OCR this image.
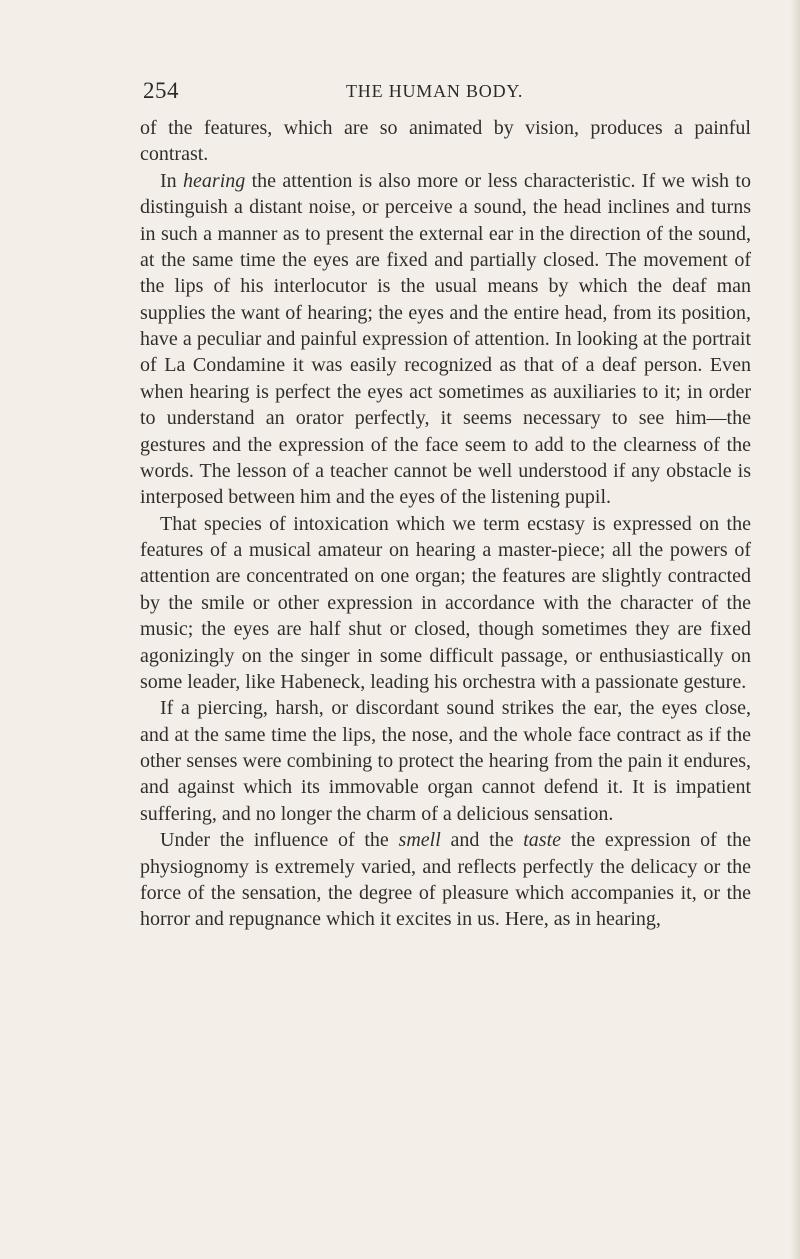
254	THE HUMAN BODY.

of the features, which are so animated by vision, produces a painful contrast.

In hearing the attention is also more or less characteristic. If we wish to distinguish a distant noise, or perceive a sound, the head inclines and turns in such a manner as to present the external ear in the direction of the sound, at the same time the eyes are fixed and partially closed. The movement of the lips of his interlocutor is the usual means by which the deaf man supplies the want of hearing; the eyes and the entire head, from its position, have a peculiar and painful expression of attention. In looking at the portrait of La Condamine it was easily recognized as that of a deaf person. Even when hearing is perfect the eyes act sometimes as auxiliaries to it; in order to understand an orator perfectly, it seems necessary to see him—the gestures and the expression of the face seem to add to the clearness of the words. The lesson of a teacher cannot be well understood if any obstacle is interposed between him and the eyes of the listening pupil.

That species of intoxication which we term ecstasy is expressed on the features of a musical amateur on hearing a master-piece; all the powers of attention are concentrated on one organ; the features are slightly contracted by the smile or other expression in accordance with the character of the music; the eyes are half shut or closed, though sometimes they are fixed agonizingly on the singer in some difficult passage, or enthusiastically on some leader, like Habeneck, leading his orchestra with a passionate gesture.

If a piercing, harsh, or discordant sound strikes the ear, the eyes close, and at the same time the lips, the nose, and the whole face contract as if the other senses were combining to protect the hearing from the pain it endures, and against which its immovable organ cannot defend it. It is impatient suffering, and no longer the charm of a delicious sensation.

Under the influence of the smell and the taste the expression of the physiognomy is extremely varied, and reflects perfectly the delicacy or the force of the sensation, the degree of pleasure which accompanies it, or the horror and repugnance which it excites in us. Here, as in hearing,
